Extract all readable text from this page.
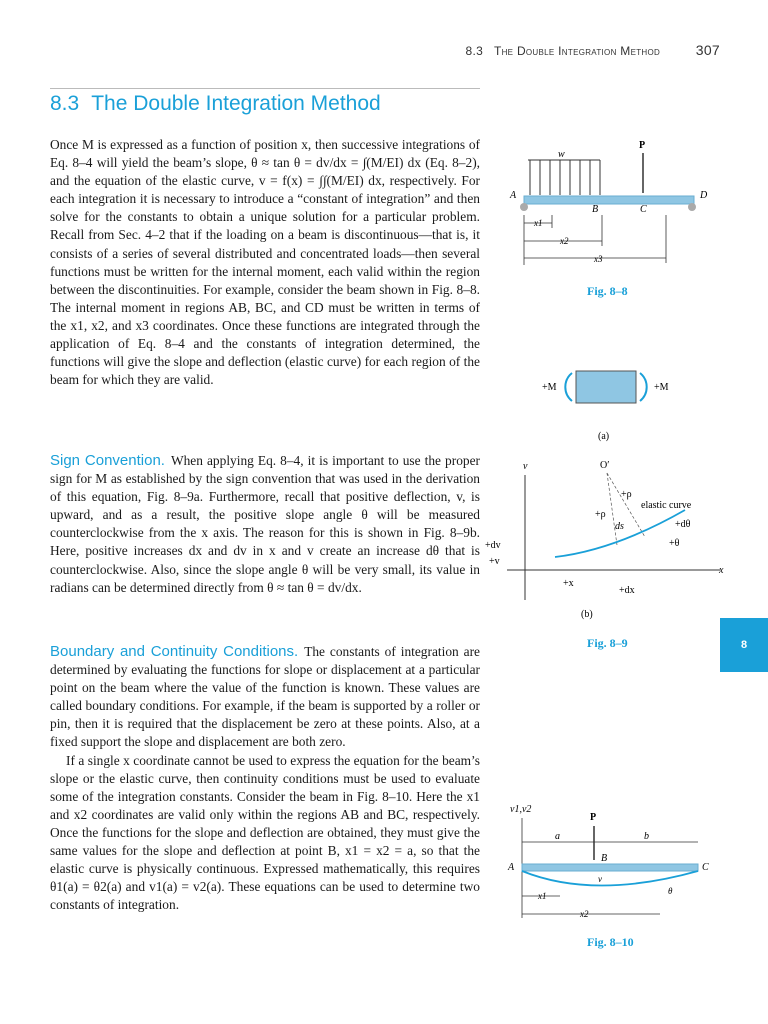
8.3 The Double Integration Method	307
8.3 The Double Integration Method

Once M is expressed as a function of position x, then successive integrations of Eq. 8–4 will yield the beam’s slope, θ ≈ tan θ = dv/dx = ∫(M/EI) dx (Eq. 8–2), and the equation of the elastic curve, v = f(x) = ∫∫(M/EI) dx, respectively. For each integration it is necessary to introduce a “constant of integration” and then solve for the constants to obtain a unique solution for a particular problem. Recall from Sec. 4–2 that if the loading on a beam is discontinuous—that is, it consists of a series of several distributed and concentrated loads—then several functions must be written for the internal moment, each valid within the region between the discontinuities. For example, consider the beam shown in Fig. 8–8. The internal moment in regions AB, BC, and CD must be written in terms of the x1, x2, and x3 coordinates. Once these functions are integrated through the application of Eq. 8–4 and the constants of integration determined, the functions will give the slope and deflection (elastic curve) for each region of the beam for which they are valid.

Sign Convention. When applying Eq. 8–4, it is important to use the proper sign for M as established by the sign convention that was used in the derivation of this equation, Fig. 8–9a. Furthermore, recall that positive deflection, v, is upward, and as a result, the positive slope angle θ will be measured counterclockwise from the x axis. The reason for this is shown in Fig. 8–9b. Here, positive increases dx and dv in x and v create an increase dθ that is counterclockwise. Also, since the slope angle θ will be very small, its value in radians can be determined directly from θ ≈ tan θ = dv/dx.

Boundary and Continuity Conditions. The constants of integration are determined by evaluating the functions for slope or displacement at a particular point on the beam where the value of the function is known. These values are called boundary conditions. For example, if the beam is supported by a roller or pin, then it is required that the displacement be zero at these points. Also, at a fixed support the slope and displacement are both zero.

If a single x coordinate cannot be used to express the equation for the beam’s slope or the elastic curve, then continuity conditions must be used to evaluate some of the integration constants. Consider the beam in Fig. 8–10. Here the x1 and x2 coordinates are valid only within the regions AB and BC, respectively. Once the functions for the slope and deflection are obtained, they must give the same values for the slope and deflection at point B, x1 = x2 = a, so that the elastic curve is physically continuous. Expressed mathematically, this requires θ1(a) = θ2(a) and v1(a) = v2(a). These equations can be used to determine two constants of integration.

w
P
A
B	C
D
x1
x2
x3
Fig. 8–8
+M	+M
(a)
v
x
O′
+ρ
+ρ
ds
elastic curve
+dθ
+θ
+dv
+v
+x
+dx
(b)
Fig. 8–9
v1,v2
P
a	b
A
B
C
v
θ
x1
x2
Fig. 8–10
8
